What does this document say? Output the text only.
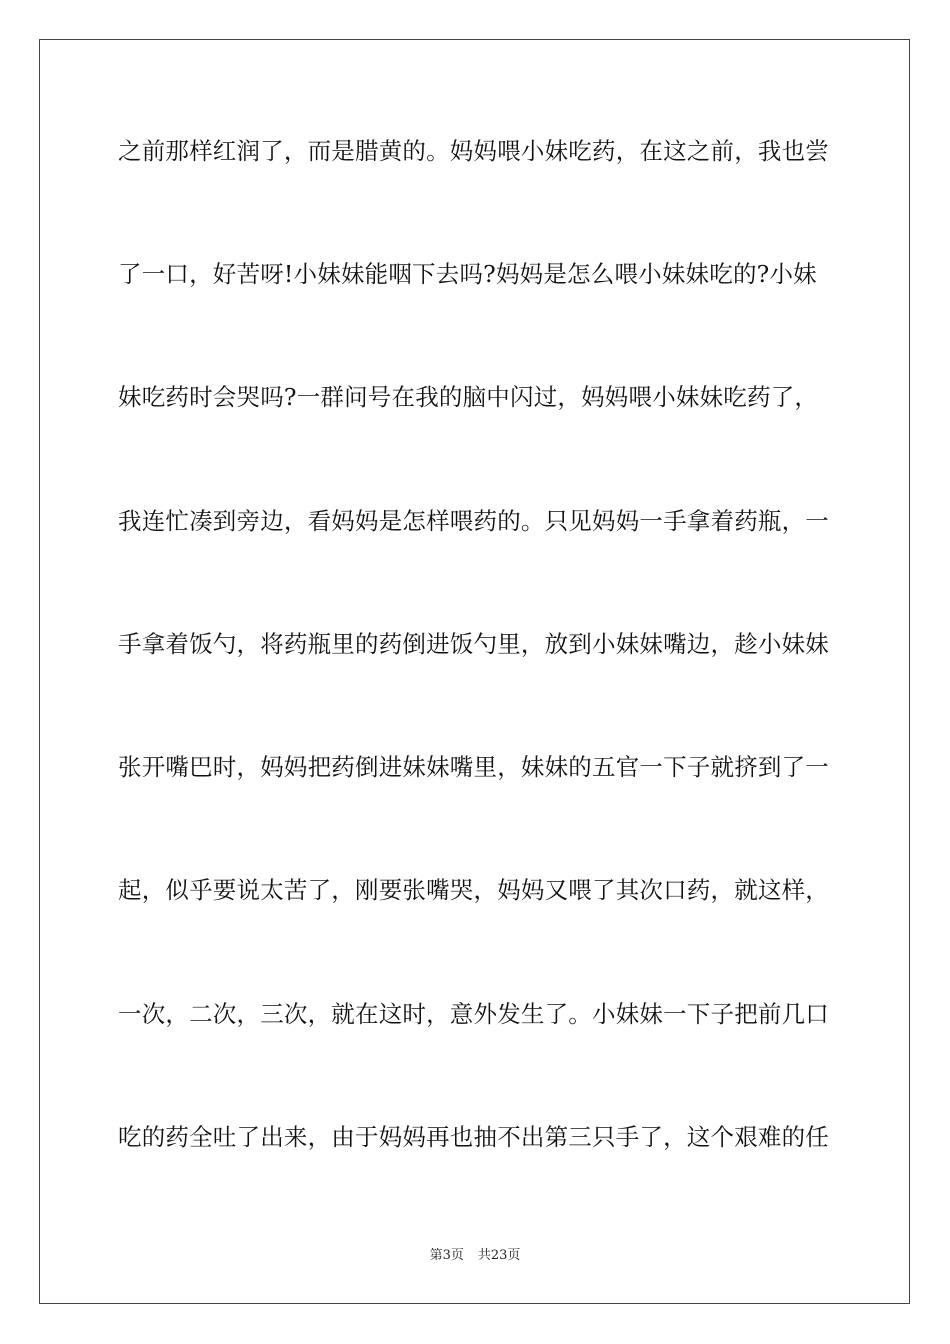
之前那样红润了，而是腊黄的。妈妈喂小妹吃药，在这之前，我也尝
了一口，好苦呀!小妹妹能咽下去吗?妈妈是怎么喂小妹妹吃的?小妹
妹吃药时会哭吗?一群问号在我的脑中闪过，妈妈喂小妹妹吃药了，
我连忙凑到旁边，看妈妈是怎样喂药的。只见妈妈一手拿着药瓶，一
手拿着饭勺，将药瓶里的药倒进饭勺里，放到小妹妹嘴边，趁小妹妹
张开嘴巴时，妈妈把药倒进妹妹嘴里，妹妹的五官一下子就挤到了一
起，似乎要说太苦了，刚要张嘴哭，妈妈又喂了其次口药，就这样，
一次，二次，三次，就在这时，意外发生了。小妹妹一下子把前几口
吃的药全吐了出来，由于妈妈再也抽不出第三只手了，这个艰难的任
第3页 共23页
